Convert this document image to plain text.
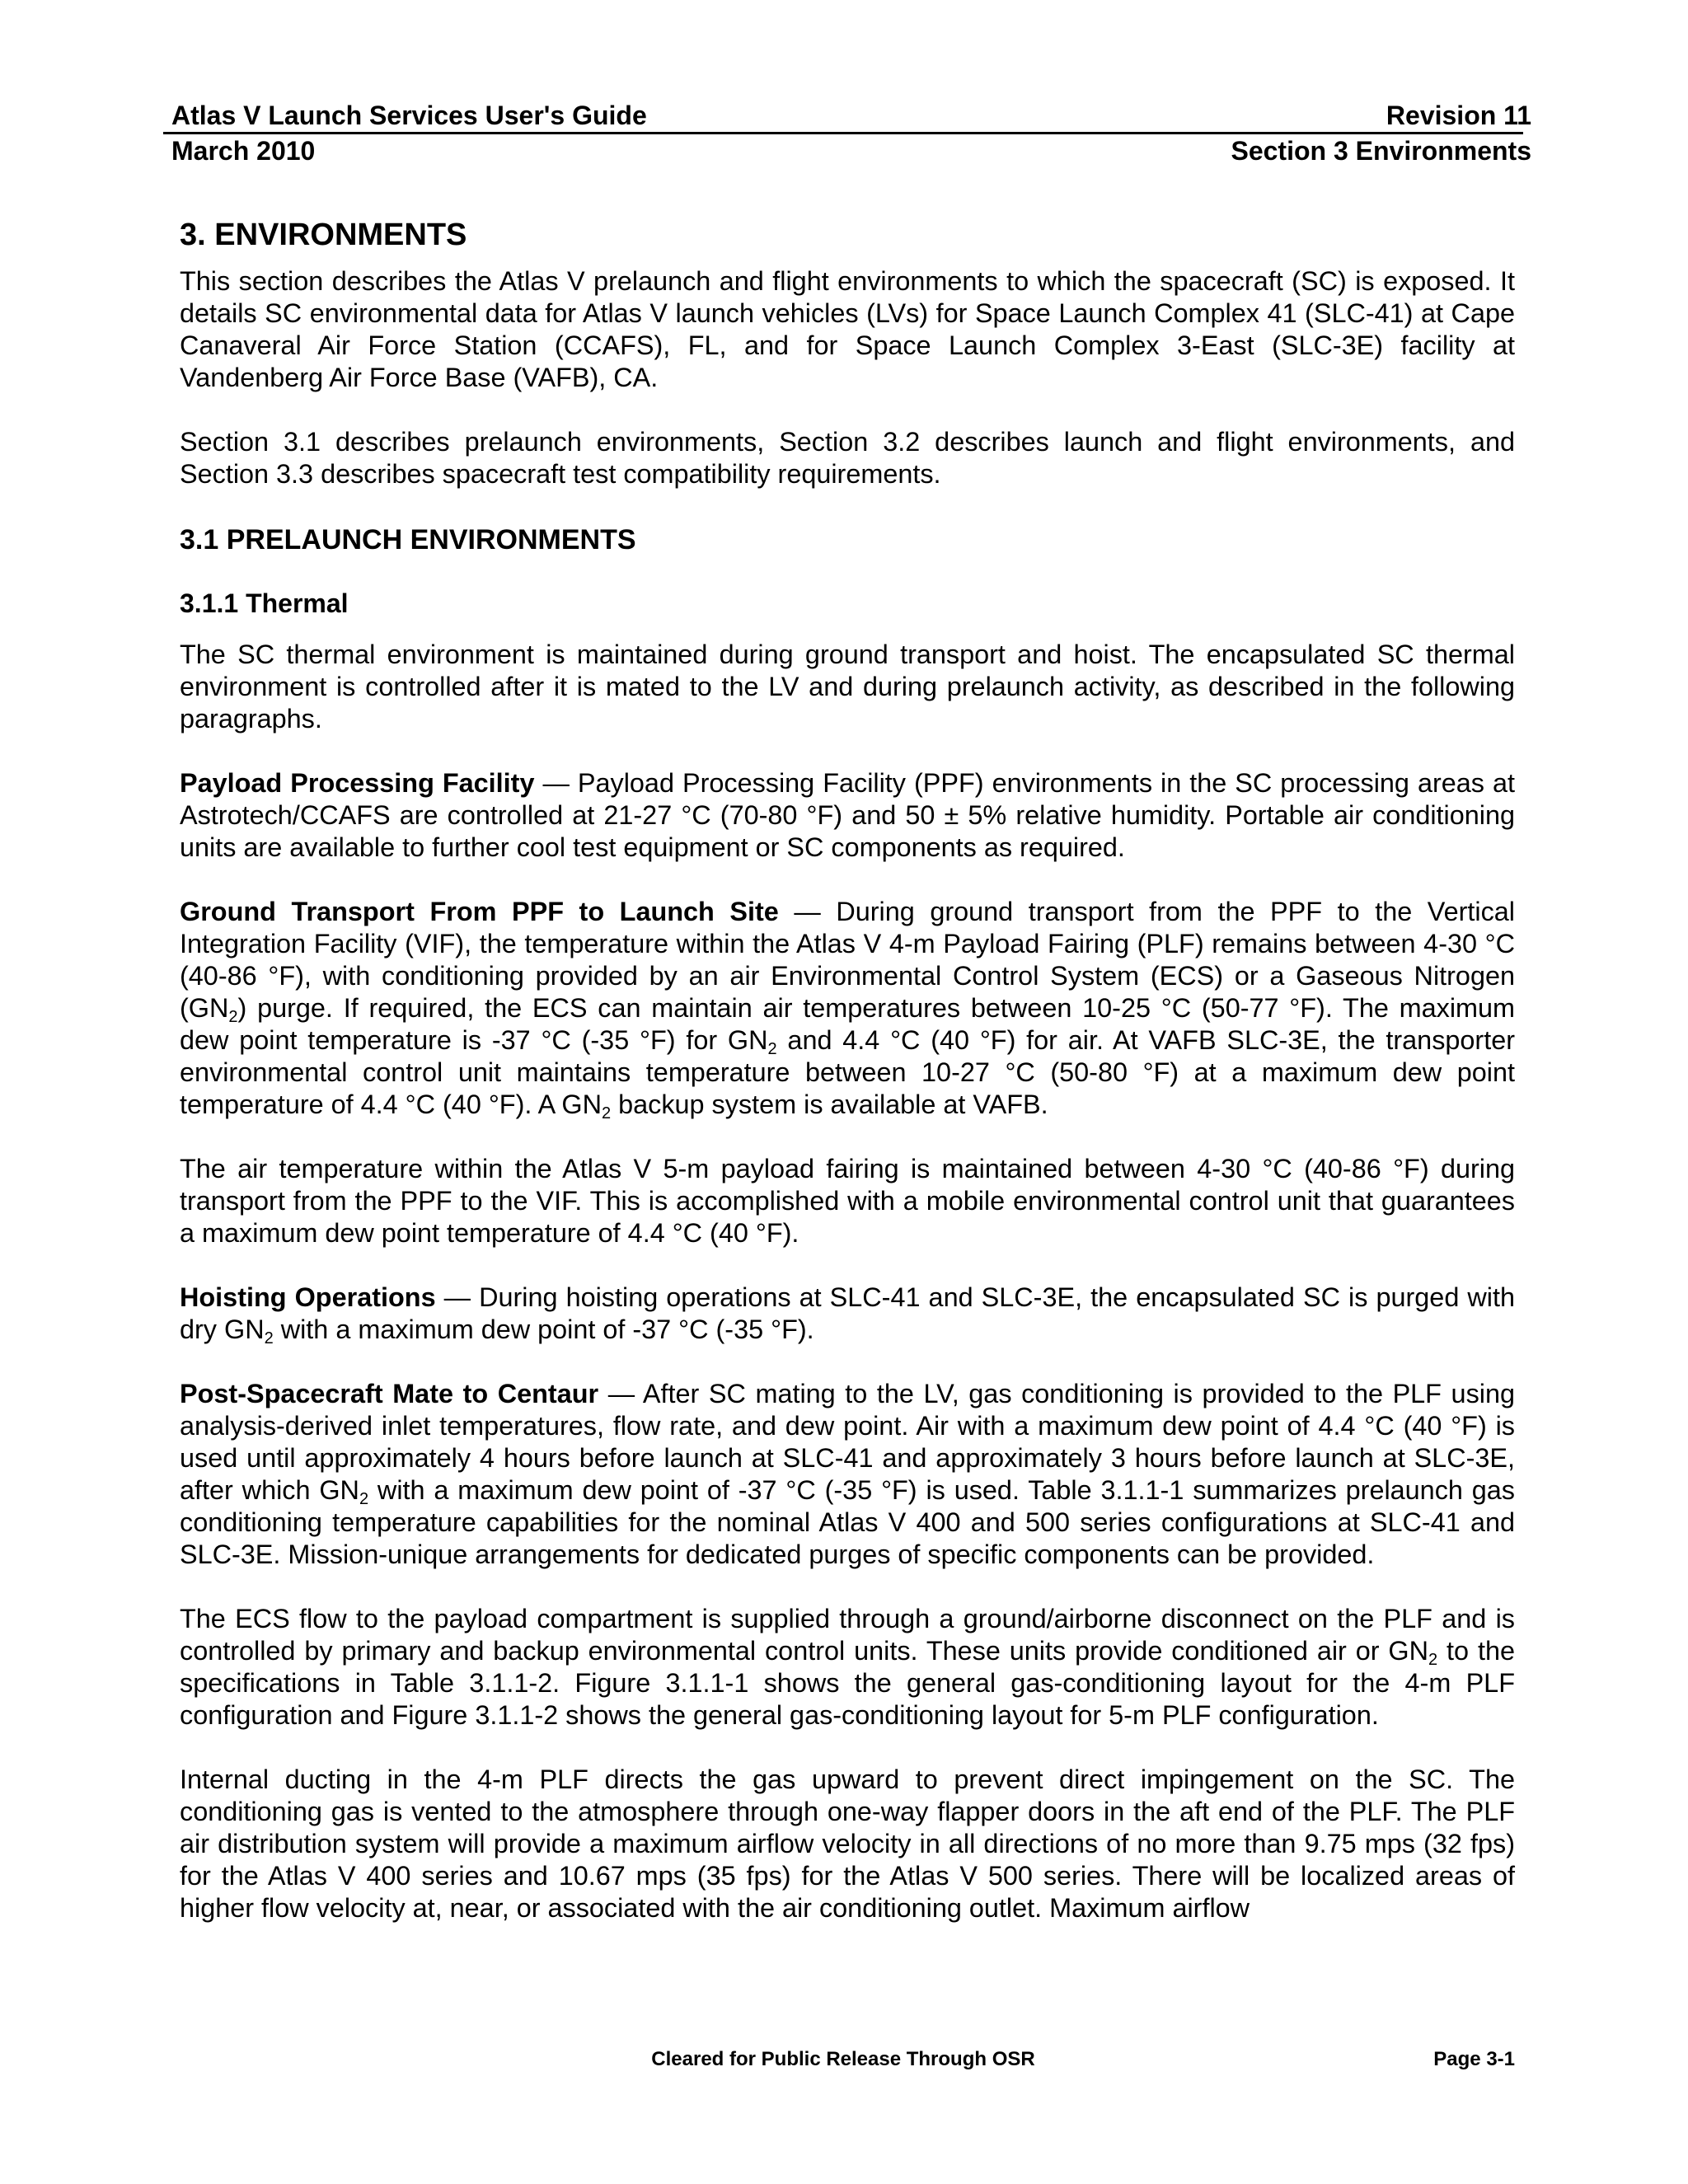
Atlas V Launch Services User's Guide	Revision 11
March 2010	Section 3 Environments
3. ENVIRONMENTS

This section describes the Atlas V prelaunch and flight environments to which the spacecraft (SC) is exposed. It details SC environmental data for Atlas V launch vehicles (LVs) for Space Launch Complex 41 (SLC-41) at Cape Canaveral Air Force Station (CCAFS), FL, and for Space Launch Complex 3-East (SLC-3E) facility at Vandenberg Air Force Base (VAFB), CA.

Section 3.1 describes prelaunch environments, Section 3.2 describes launch and flight environments, and Section 3.3 describes spacecraft test compatibility requirements.

3.1 PRELAUNCH ENVIRONMENTS
3.1.1 Thermal

The SC thermal environment is maintained during ground transport and hoist. The encapsulated SC thermal environment is controlled after it is mated to the LV and during prelaunch activity, as described in the following paragraphs.

Payload Processing Facility — Payload Processing Facility (PPF) environments in the SC processing areas at Astrotech/CCAFS are controlled at 21-27 °C (70-80 °F) and 50 ± 5% relative humidity. Portable air conditioning units are available to further cool test equipment or SC components as required.

Ground Transport From PPF to Launch Site — During ground transport from the PPF to the Vertical Integration Facility (VIF), the temperature within the Atlas V 4-m Payload Fairing (PLF) remains between 4-30 °C (40-86 °F), with conditioning provided by an air Environmental Control System (ECS) or a Gaseous Nitrogen $(GN_2)$ purge. If required, the ECS can maintain air temperatures between 10-25 °C (50-77 °F). The maximum dew point temperature is -37 °C (-35 °F) for $GN_2$ and 4.4 °C (40 °F) for air. At VAFB SLC-3E, the transporter environmental control unit maintains temperature between 10-27 °C (50-80 °F) at a maximum dew point temperature of 4.4 °C (40 °F). A $GN_2$ backup system is available at VAFB.

The air temperature within the Atlas V 5-m payload fairing is maintained between 4-30 °C (40-86 °F) during transport from the PPF to the VIF. This is accomplished with a mobile environmental control unit that guarantees a maximum dew point temperature of 4.4 °C (40 °F).

Hoisting Operations — During hoisting operations at SLC-41 and SLC-3E, the encapsulated SC is purged with dry $GN_2$ with a maximum dew point of -37 °C (-35 °F).

Post-Spacecraft Mate to Centaur — After SC mating to the LV, gas conditioning is provided to the PLF using analysis-derived inlet temperatures, flow rate, and dew point. Air with a maximum dew point of 4.4 °C (40 °F) is used until approximately 4 hours before launch at SLC-41 and approximately 3 hours before launch at SLC-3E, after which $GN_2$ with a maximum dew point of -37 °C (-35 °F) is used. Table 3.1.1-1 summarizes prelaunch gas conditioning temperature capabilities for the nominal Atlas V 400 and 500 series configurations at SLC-41 and SLC-3E. Mission-unique arrangements for dedicated purges of specific components can be provided.

The ECS flow to the payload compartment is supplied through a ground/airborne disconnect on the PLF and is controlled by primary and backup environmental control units. These units provide conditioned air or $GN_2$ to the specifications in Table 3.1.1-2. Figure 3.1.1-1 shows the general gas-conditioning layout for the 4-m PLF configuration and Figure 3.1.1-2 shows the general gas-conditioning layout for 5-m PLF configuration.

Internal ducting in the 4-m PLF directs the gas upward to prevent direct impingement on the SC. The conditioning gas is vented to the atmosphere through one-way flapper doors in the aft end of the PLF. The PLF air distribution system will provide a maximum airflow velocity in all directions of no more than 9.75 mps (32 fps) for the Atlas V 400 series and 10.67 mps (35 fps) for the Atlas V 500 series. There will be localized areas of higher flow velocity at, near, or associated with the air conditioning outlet. Maximum airflow

Cleared for Public Release Through OSR	Page 3-1
